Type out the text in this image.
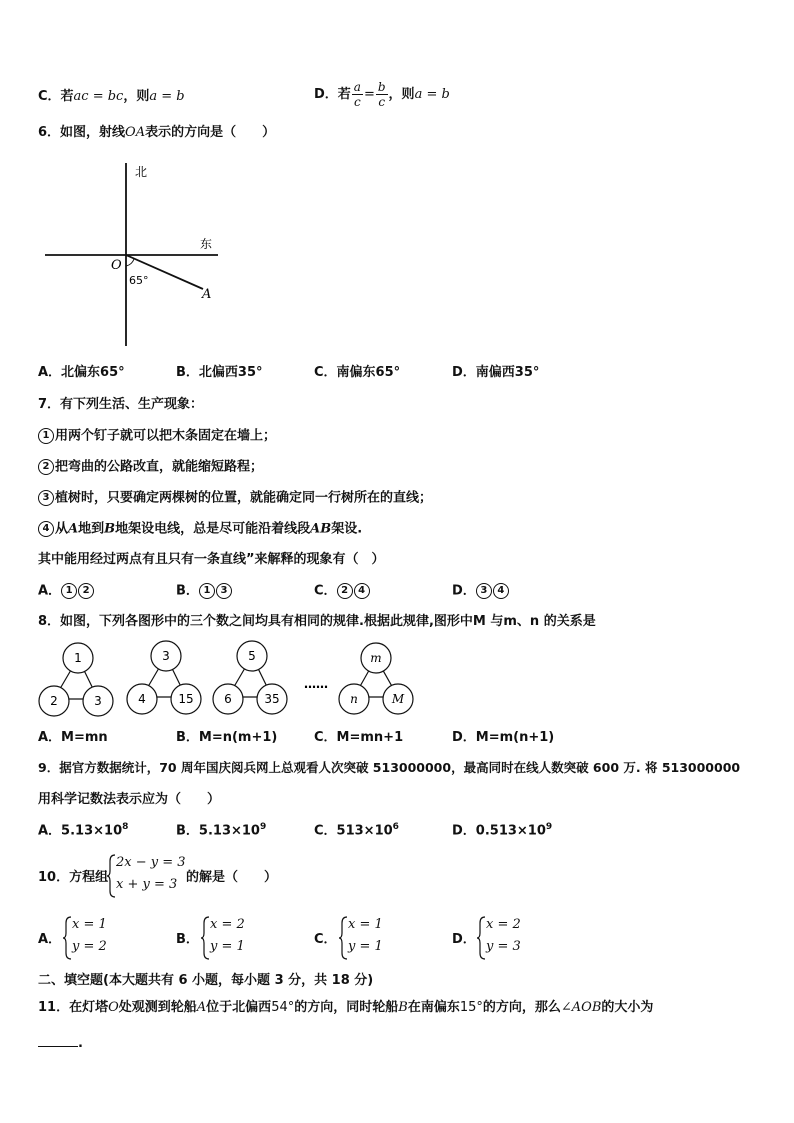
C．若ac = bc，则a = b	D．若 $\frac{a}{c} = \frac{b}{c}$ ，则a = b
6．如图，射线OA表示的方向是（　　）
北
东
O
65°
A
A．北偏东65°	B．北偏西35°	C．南偏东65°	D．南偏西35°
7．有下列生活、生产现象：
1 用两个钉子就可以把木条固定在墙上；
2 把弯曲的公路改直，就能缩短路程；
3 植树时，只要确定两棵树的位置，就能确定同一行树所在的直线；
4 从A地到B地架设电线，总是尽可能沿着线段AB架设.
其中能用经过两点有且只有一条直线”来解释的现象有（　）
A． 1 2	B． 1 3	C． 2 4	D． 3 4
8．如图，下列各图形中的三个数之间均具有相同的规律.根据此规律,图形中M 与m、n 的关系是
1
2	3
3
4	15
5
6	35
……
m
n	M
A．M=mn	B．M=n(m+1)	C．M=mn+1	D．M=m(n+1)
9．据官方数据统计，70 周年国庆阅兵网上总观看人次突破 513000000，最高同时在线人数突破 600 万. 将 513000000
用科学记数法表示应为（　　）
A．$5.13\times 10^8$	B．$5.13\times 10^9$	C．$513\times 10^6$	D．$0.513\times 10^9$
10．方程组
2x − y = 3
x + y = 3 的解是（　　）
A．
x = 1
y = 2	B．
x = 2
y = 1	C．
x = 1
y = 1	D．
x = 2
y = 3
二、填空题(本大题共有 6 小题，每小题 3 分，共 18 分)
11．在灯塔O处观测到轮船A位于北偏西54°的方向，同时轮船B在南偏东15°的方向，那么∠AOB的大小为
.
